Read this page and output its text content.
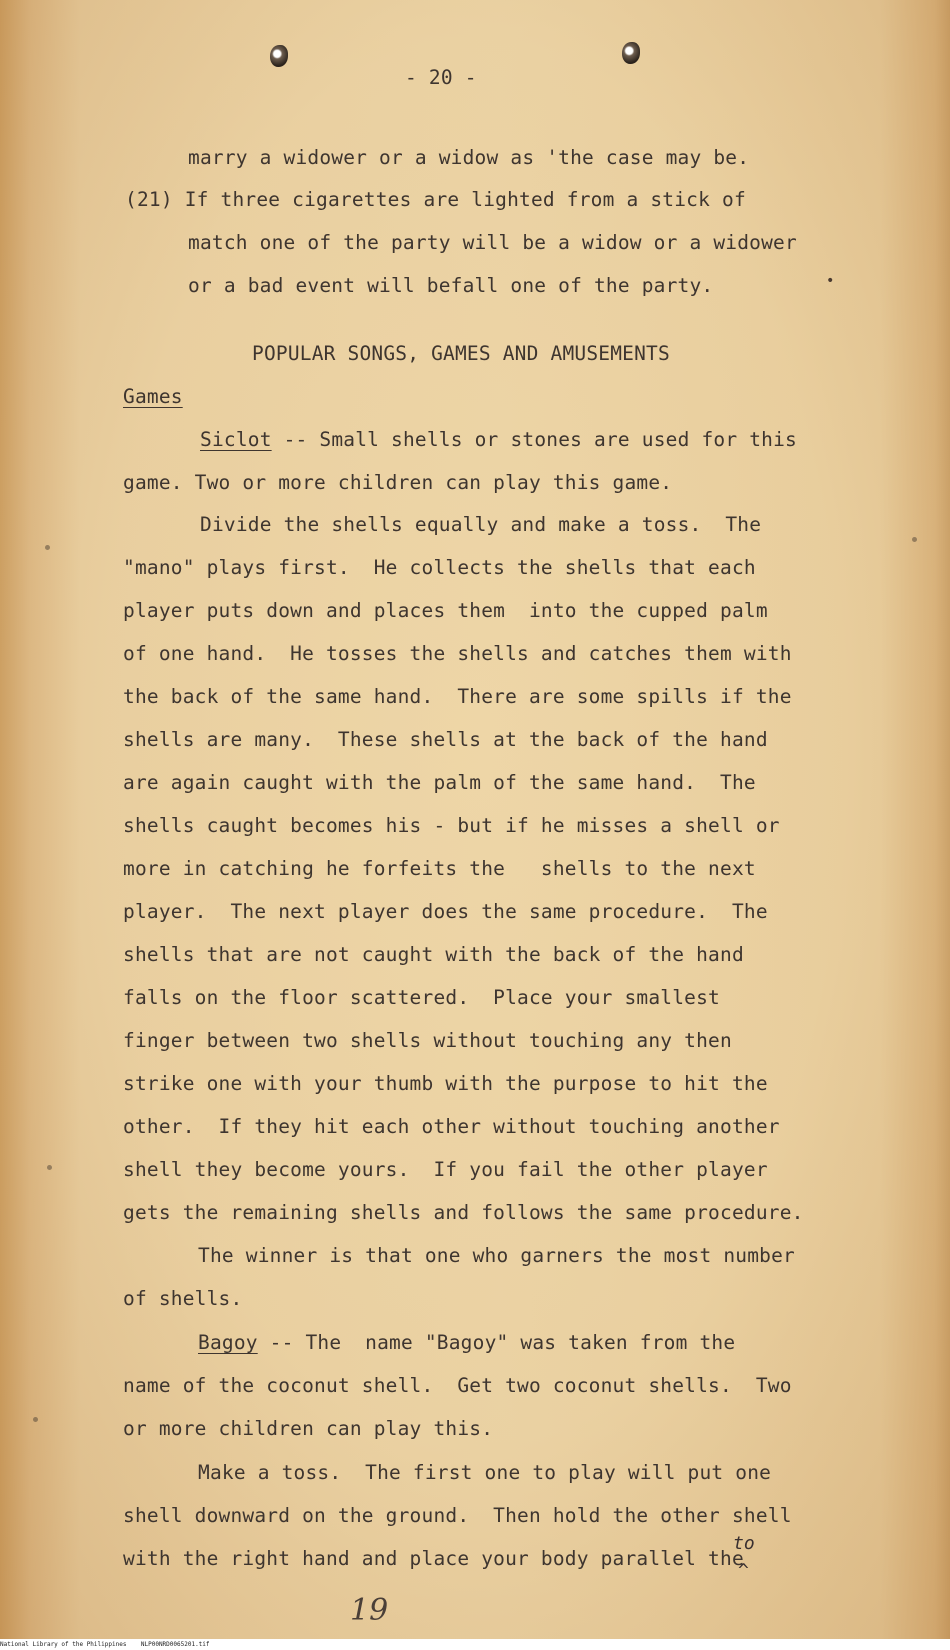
- 20 -
marry a widower or a widow as 'the case may be.
(21) If three cigarettes are lighted from a stick of
match one of the party will be a widow or a widower
or a bad event will befall one of the party.
POPULAR SONGS, GAMES AND AMUSEMENTS
Games
Siclot -- Small shells or stones are used for this
game. Two or more children can play this game.
Divide the shells equally and make a toss.  The
"mano" plays first.  He collects the shells that each
player puts down and places them  into the cupped palm
of one hand.  He tosses the shells and catches them with
the back of the same hand.  There are some spills if the
shells are many.  These shells at the back of the hand
are again caught with the palm of the same hand.  The
shells caught becomes his - but if he misses a shell or
more in catching he forfeits the   shells to the next
player.  The next player does the same procedure.  The
shells that are not caught with the back of the hand
falls on the floor scattered.  Place your smallest
finger between two shells without touching any then
strike one with your thumb with the purpose to hit the
other.  If they hit each other without touching another
shell they become yours.  If you fail the other player
gets the remaining shells and follows the same procedure.
The winner is that one who garners the most number
of shells.
Bagoy -- The  name "Bagoy" was taken from the
name of the coconut shell.  Get two coconut shells.  Two
or more children can play this.
Make a toss.  The first one to play will put one
shell downward on the ground.  Then hold the other shell
with the right hand and place your body parallel the
to
^
19
•
National Library of the Philippines    NLP00NRD0065201.tif
